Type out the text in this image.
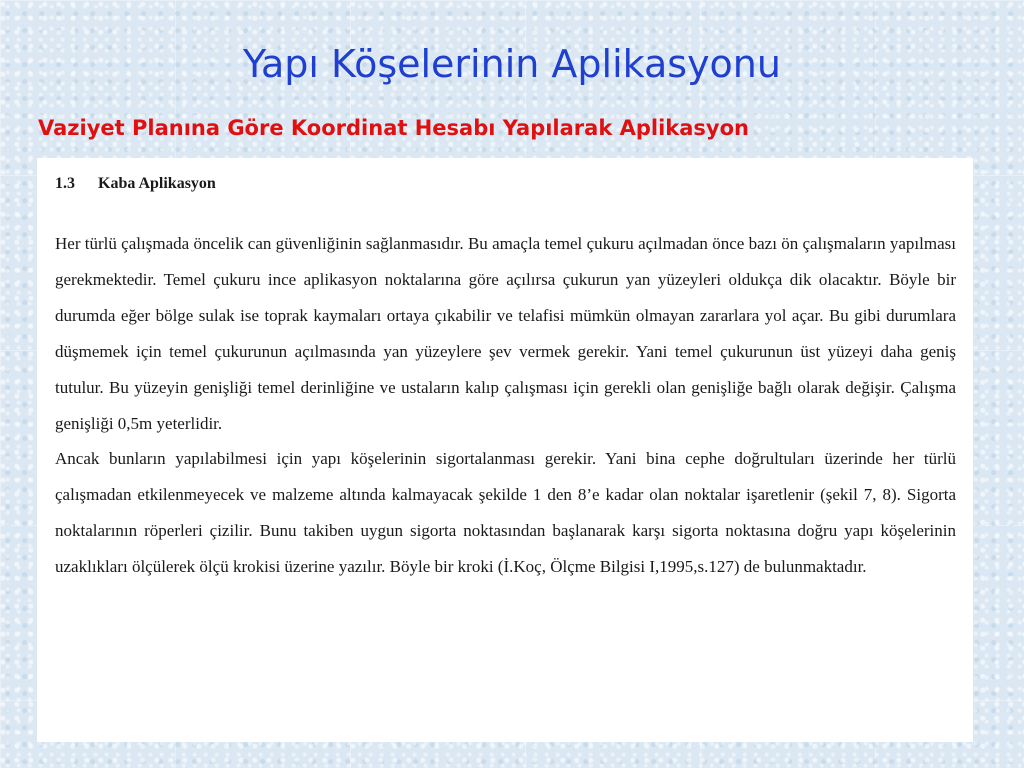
Yapı Köşelerinin Aplikasyonu
Vaziyet Planına Göre Koordinat Hesabı Yapılarak Aplikasyon

1.3 Kaba Aplikasyon

Her türlü çalışmada öncelik can güvenliğinin sağlanmasıdır. Bu amaçla temel çukuru açılmadan önce bazı ön çalışmaların yapılması gerekmektedir. Temel çukuru ince aplikasyon noktalarına göre açılırsa çukurun yan yüzeyleri oldukça dik olacaktır. Böyle bir durumda eğer bölge sulak ise toprak kaymaları ortaya çıkabilir ve telafisi mümkün olmayan zararlara yol açar. Bu gibi durumlara düşmemek için temel çukurunun açılmasında yan yüzeylere şev vermek gerekir. Yani temel çukurunun üst yüzeyi daha geniş tutulur. Bu yüzeyin genişliği temel derinliğine ve ustaların kalıp çalışması için gerekli olan genişliğe bağlı olarak değişir. Çalışma genişliği 0,5m yeterlidir.

Ancak bunların yapılabilmesi için yapı köşelerinin sigortalanması gerekir. Yani bina cephe doğrultuları üzerinde her türlü çalışmadan etkilenmeyecek ve malzeme altında kalmayacak şekilde 1 den 8’e kadar olan noktalar işaretlenir (şekil 7, 8). Sigorta noktalarının röperleri çizilir. Bunu takiben uygun sigorta noktasından başlanarak karşı sigorta noktasına doğru yapı köşelerinin uzaklıkları ölçülerek ölçü krokisi üzerine yazılır. Böyle bir kroki (İ.Koç, Ölçme Bilgisi I,1995,s.127) de bulunmaktadır.
